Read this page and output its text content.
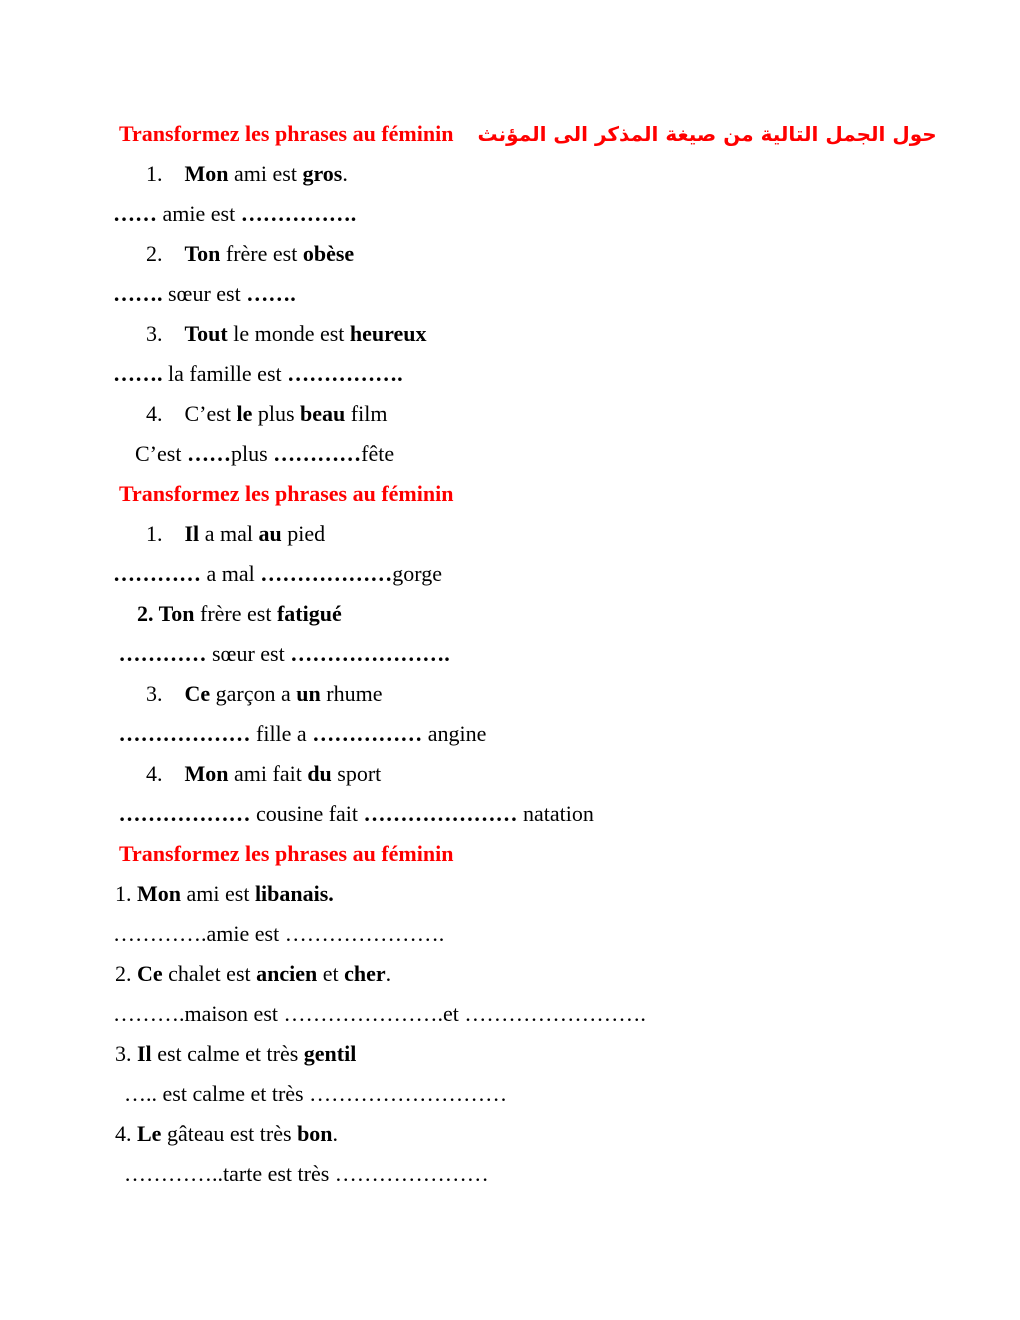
Transformez les phrases au féminin حول الجمل التالية من صيغة المذكر الى المؤنث
1.    Mon ami est gros.
…… amie est …………….
2.    Ton frère est obèse
……. sœur est …….
3.    Tout le monde est heureux
……. la famille est …………….
4.    C’est le plus beau film
C’est ……plus …………fête
Transformez les phrases au féminin
1.    Il a mal au pied
………… a mal ………………gorge
2. Ton frère est fatigué
………… sœur est ………………….
3.    Ce garçon a un rhume
……………… fille a …………… angine
4.    Mon ami fait du sport
……………… cousine fait ………………… natation
Transformez les phrases au féminin
1. Mon ami est libanais.
………….amie est ………………….
2. Ce chalet est ancien et cher.
……….maison est ………………….et …………………….
3. Il est calme et très gentil
….. est calme et très ………………………
4. Le gâteau est très bon.
…………..tarte est très …………………
